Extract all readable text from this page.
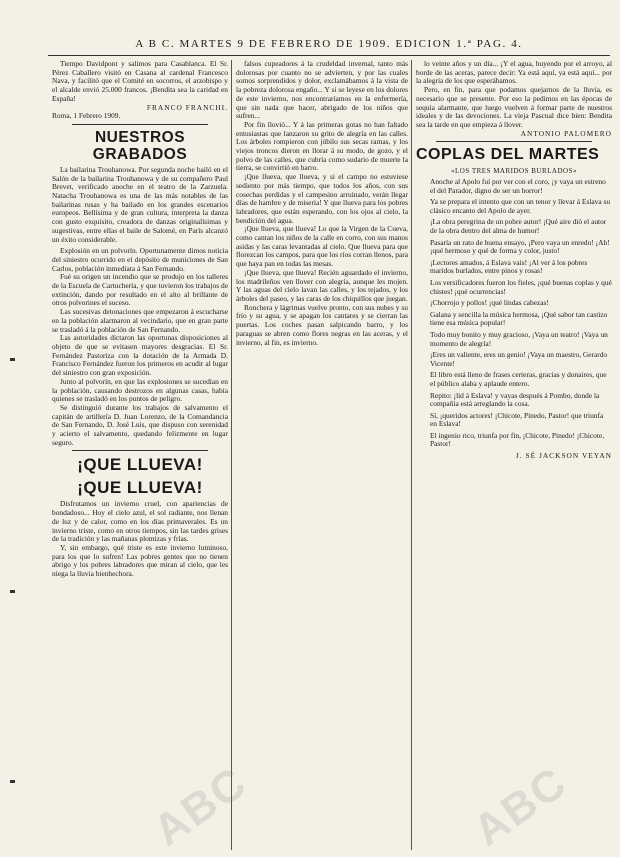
A B C. MARTES 9 DE FEBRERO DE 1909. EDICION 1.ª PAG. 4.

Tiempo Davidpont y salimos para Casablanca. El Sr. Pérez Caballero visitó en Casana al cardenal Francesco Nava, y facilitó que el Comité en socorros, el arzobispo y el alcalde envió 25.000 francos. ¡Bendita sea la caridad en España!

FRANCO FRANCHI.

Roma, 1 Febrero 1909.

NUESTROS GRABADOS

La bailarina Trouhanowa. Por segunda noche bailó en el Salón de la bailarina Trouhanowa y de su compañero Paul Brevet, verificado anoche en el teatro de la Zarzuela. Natacha Trouhanowa es una de las más notables de las bailarinas rusas y ha bailado en los grandes escenarios europeos. Bellísima y de gran cultura, interpreta la danza con gusto exquisito, creadora de danzas originalísimas y sugestivas, entre ellas el baile de Salomé, en París alcanzó un éxito considerable.

Explosión en un polvorín. Oportunamente dimos noticia del siniestro ocurrido en el depósito de municiones de San Carlos, población inmediata á San Fernando.

Fué su origen un incendio que se produjo en los talleres de la Escuela de Cartuchería, y que tuvieron los trabajos de extinción, dando por resultado en el alto al brillante de otros polvorines el suceso.

Las sucesivas detonaciones que empezaron á escucharse en la población alarmaron al vecindario, que en gran parte se trasladó á la población de San Fernando.

Las autoridades dictaron las oportunas disposiciones al objeto de que se evitasen mayores desgracias. El Sr. Fernández Pastoriza con la dotación de la Armada D. Francisco Fernández fueron los primeros en acudir al lugar del siniestro con gran exposición.

Junto al polvorín, en que las explosiones se sucedían en la población, causando destrozos en algunas casas, había quienes se trasladó en los puntos de peligro.

Se distinguió durante los trabajos de salvamento el capitán de artillería D. Juan Lorenzo, de la Comandancia de San Fernando, D. José Luis, que dispuso con serenidad y acierto el salvamento, quedando felizmente en lugar seguro.

¡QUE LLUEVA!
¡QUE LLUEVA!

Disfrutamos un invierno cruel, con apariencias de bondadoso... Hoy el cielo azul, el sol radiante, nos llenan de luz y de calor, como en los días primaverales. Es un invierno triste, como en otros tiempos, sin las tardes grises de la tradición y las mañanas plomizas y frías.

Y, sin embargo, qué triste es este invierno luminoso, para los que lo sufren! Las pobres gentes que no tienen abrigo y los pobres labradores que miran al cielo, que les niega la lluvia bienhechora.

falsos cupeadores á la crudeldad invernal, tanto más dolorosas por cuanto no se advierten, y por las cuales somos sorprendidos y dolor, exclamábamos á la vista de la pobreza dolorosa engaño... Y si se leyese en los dolores de este invierno, nos encontraríamos en la enfermería, que sin nada que hacer, abrigado de los niños que sufren...

Por fin llovió... Y á las primeras gotas no han faltado entusiastas que lanzaron su grito de alegría en las calles. Los árboles rompieron con júbilo sus secas ramas, y los viejos troncos dieron en llorar á su modo, de gozo, y el polvo de las calles, que cubría como sudario de muerte la tierra, se convirtió en barro.

¡Que llueva, que llueva, y si el campo no estuviese sediento por más tiempo, que todos los años, con sus cosechas perdidas y el campesino arruinado, verán llegar días de hambre y de miseria! Y que llueva para los pobres labradores, que están esperando, con los ojos al cielo, la bendición del agua.

¡Que llueva, que llueva! Lo que la Virgen de la Cueva, como cantan los niños de la calle en corro, con sus manos asidas y las caras levantadas al cielo. Que llueva para que florezcan los campos, para que los ríos corran llenos, para que haya pan en todas las mesas.

¡Que llueva, que llueva! Recién aguardado el invierno, los madrileños ven llover con alegría, aunque les mojen. Y las aguas del cielo lavan las calles, y los tejados, y los árboles del paseo, y las caras de los chiquillos que juegan.

Ronchera y lágrimas vuelve pronto, con sus nubes y su frío y su agua, y se apagan los cantares y se cierran las puertas. Los coches pasan salpicando barro, y los paraguas se abren como flores negras en las aceras, y el invierno, al fin, es invierno.

lo veinte años y un día... ¡Y el agua, huyendo por el arroyo, al borde de las aceras, parece decir: Ya está aquí, ya está aquí... por la alegría de los que esperábamos.

Pero, en fin, para que podamos quejarnos de la lluvia, es necesario que se presente. Por eso la pedimos en las épocas de sequía alarmante, que luego vuelven á formar parte de nuestros ideales y de las devociones. La vieja Pascual dice bien: Bendita sea la tarde en que empieza á llover.

ANTONIO PALOMERO

COPLAS DEL MARTES
«LOS TRES MARIDOS BURLADOS»

Anoche al Apolo fuí por ver con el coro, ¡y vaya un estreno el del Parador, digno de ser un horror!

Ya se prepara el intento que con un tenor y llevar á Eslava su clásico encanto del Apolo de ayer.

¡La obra peregrina de un pobre autor! ¡Qué aire dió el autor de la obra dentro del alma de humor!

Pasaría un rato de buena ensayo, ¡Pero vaya un enredo! ¡Ah! ¡qué hermoso y qué de forma y color, justo!

¡Lectores amados, á Eslava vais! ¡Al ver á los pobres maridos burlados, entre pinos y rosas!

Los versificadores fueron los fieles, ¡qué buenas coplas y qué chistes! ¡qué ocurrencias!

¡Chorrojo y pollos! ¡qué lindas cabezas!

Galana y sencilla la música hermosa, ¡Qué sabor tan castizo tiene esa música popular!

Todo muy bonito y muy gracioso, ¡Vaya un teatro! ¡Vaya un momento de alegría!

¡Eres un valiente, eres un genio! ¡Vaya un maestro, Gerardo Vicente!

El libro está lleno de frases certeras, gracias y donaires, que el público alaba y aplaude entero.

Repito: ¡lid á Eslava! y vayas después á Pombo, donde la compañía está arreglando la cosa.

Sí, ¡queridos actores! ¡Chicote, Pinedo, Pastor! que triunfa en Eslava!

El ingenio rico, triunfa por fin, ¡Chicote, Pinedo! ¡Chicote, Pastor!

J. SÉ JACKSON VEYAN

ABC	ABC
